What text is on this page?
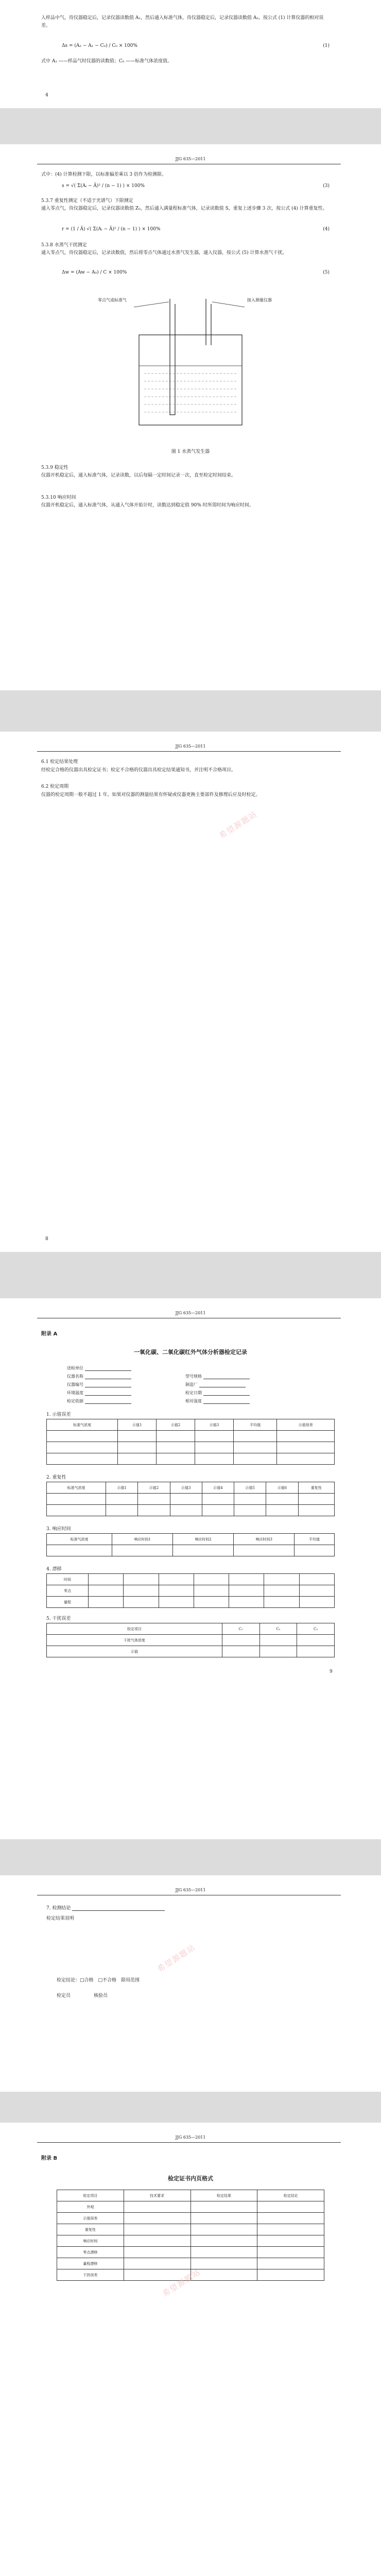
入样品中气，待仪器稳定后，记录仪器读数值 A₁，然后通入标准气体，待仪器稳定后，记录仪器读数值 A₂。按公式 (1) 计算仪器的相对误差。
Δs = (A₂ − A₁ − C₀) / C₀ × 100%	(1)
式中 A₁ ——样品气时仪器的读数值；C₀ ——标准气体浓度值。
4
JJG 635—2011
式中：(4) 计算检测下限，以标准偏差乘以 3 倍作为检测限。
s = √( Σ(Aᵢ − Ā)² / (n − 1) ) × 100%	(3)
5.3.7 重复性测定（不适于光谱气）下限测定
通入零点气，待仪器稳定后，记录仪器读数值 Z₀，然后通入满量程标准气体，记录读数值 S，重复上述步骤 3 次，按公式 (4) 计算重复性。
r = (1 / Ā) √( Σ(Aᵢ − Ā)² / (n − 1) ) × 100%	(4)
5.3.8 水蒸气干扰测定
通入零点气，待仪器稳定后，记录读数值，然后将零点气体通过水蒸气发生器，通入仪器，按公式 (5) 计算水蒸气干扰。
Δw = (Aw − A₀) / C × 100%	(5)
零点气或标准气	接入测量仪器
图 1 水蒸气发生器
5.3.9 稳定性
仪器开机稳定后，通入标准气体，记录读数，以后每隔一定时间记录一次，直至检定时间结束。
5.3.10 响应时间
仪器开机稳定后，通入标准气体，从通入气体开始计时，读数达到稳定值 90% 时所需时间为响应时间。
JJG 635—2011
6.1 检定结果处理
经检定合格的仪器出具检定证书；检定不合格的仪器出具检定结果通知书，并注明不合格项目。
6.2 检定周期
仪器的检定周期一般不超过 1 年。如果对仪器的测量结果有怀疑或仪器更换主要部件及修理后应及时检定。
希望源题站
8
JJG 635—2011
附录 A
一氧化碳、二氧化碳红外气体分析器检定记录
送检单位
仪器名称
仪器编号
环境温度
检定依据
型号规格
制造厂
检定日期
相对湿度
1. 示值误差
标准气浓度	示值1	示值2	示值3	平均值	示值误差

2. 重复性
标准气浓度	示值1	示值2	示值3	示值4	示值5	示值6	重复性

3. 响应时间
标准气浓度	响应时间1	响应时间2	响应时间3	平均值

4. 漂移
时间							
零点							
量程							
5. 干扰误差
检定项目	C₁	C₂	C₃
干扰气体浓度			
示值			
9
JJG 635—2011
7. 检测结论
检定结果说明
检定结论：□合格　□不合格　限用范围
检定员　　　　　核验员
希望源题站
JJG 635—2011
附录 B
检定证书内页格式
检定项目	技术要求	检定结果	检定结论
外观			
示值误差			
重复性			
响应时间			
零点漂移			
量程漂移			
干扰误差				希望源题站
